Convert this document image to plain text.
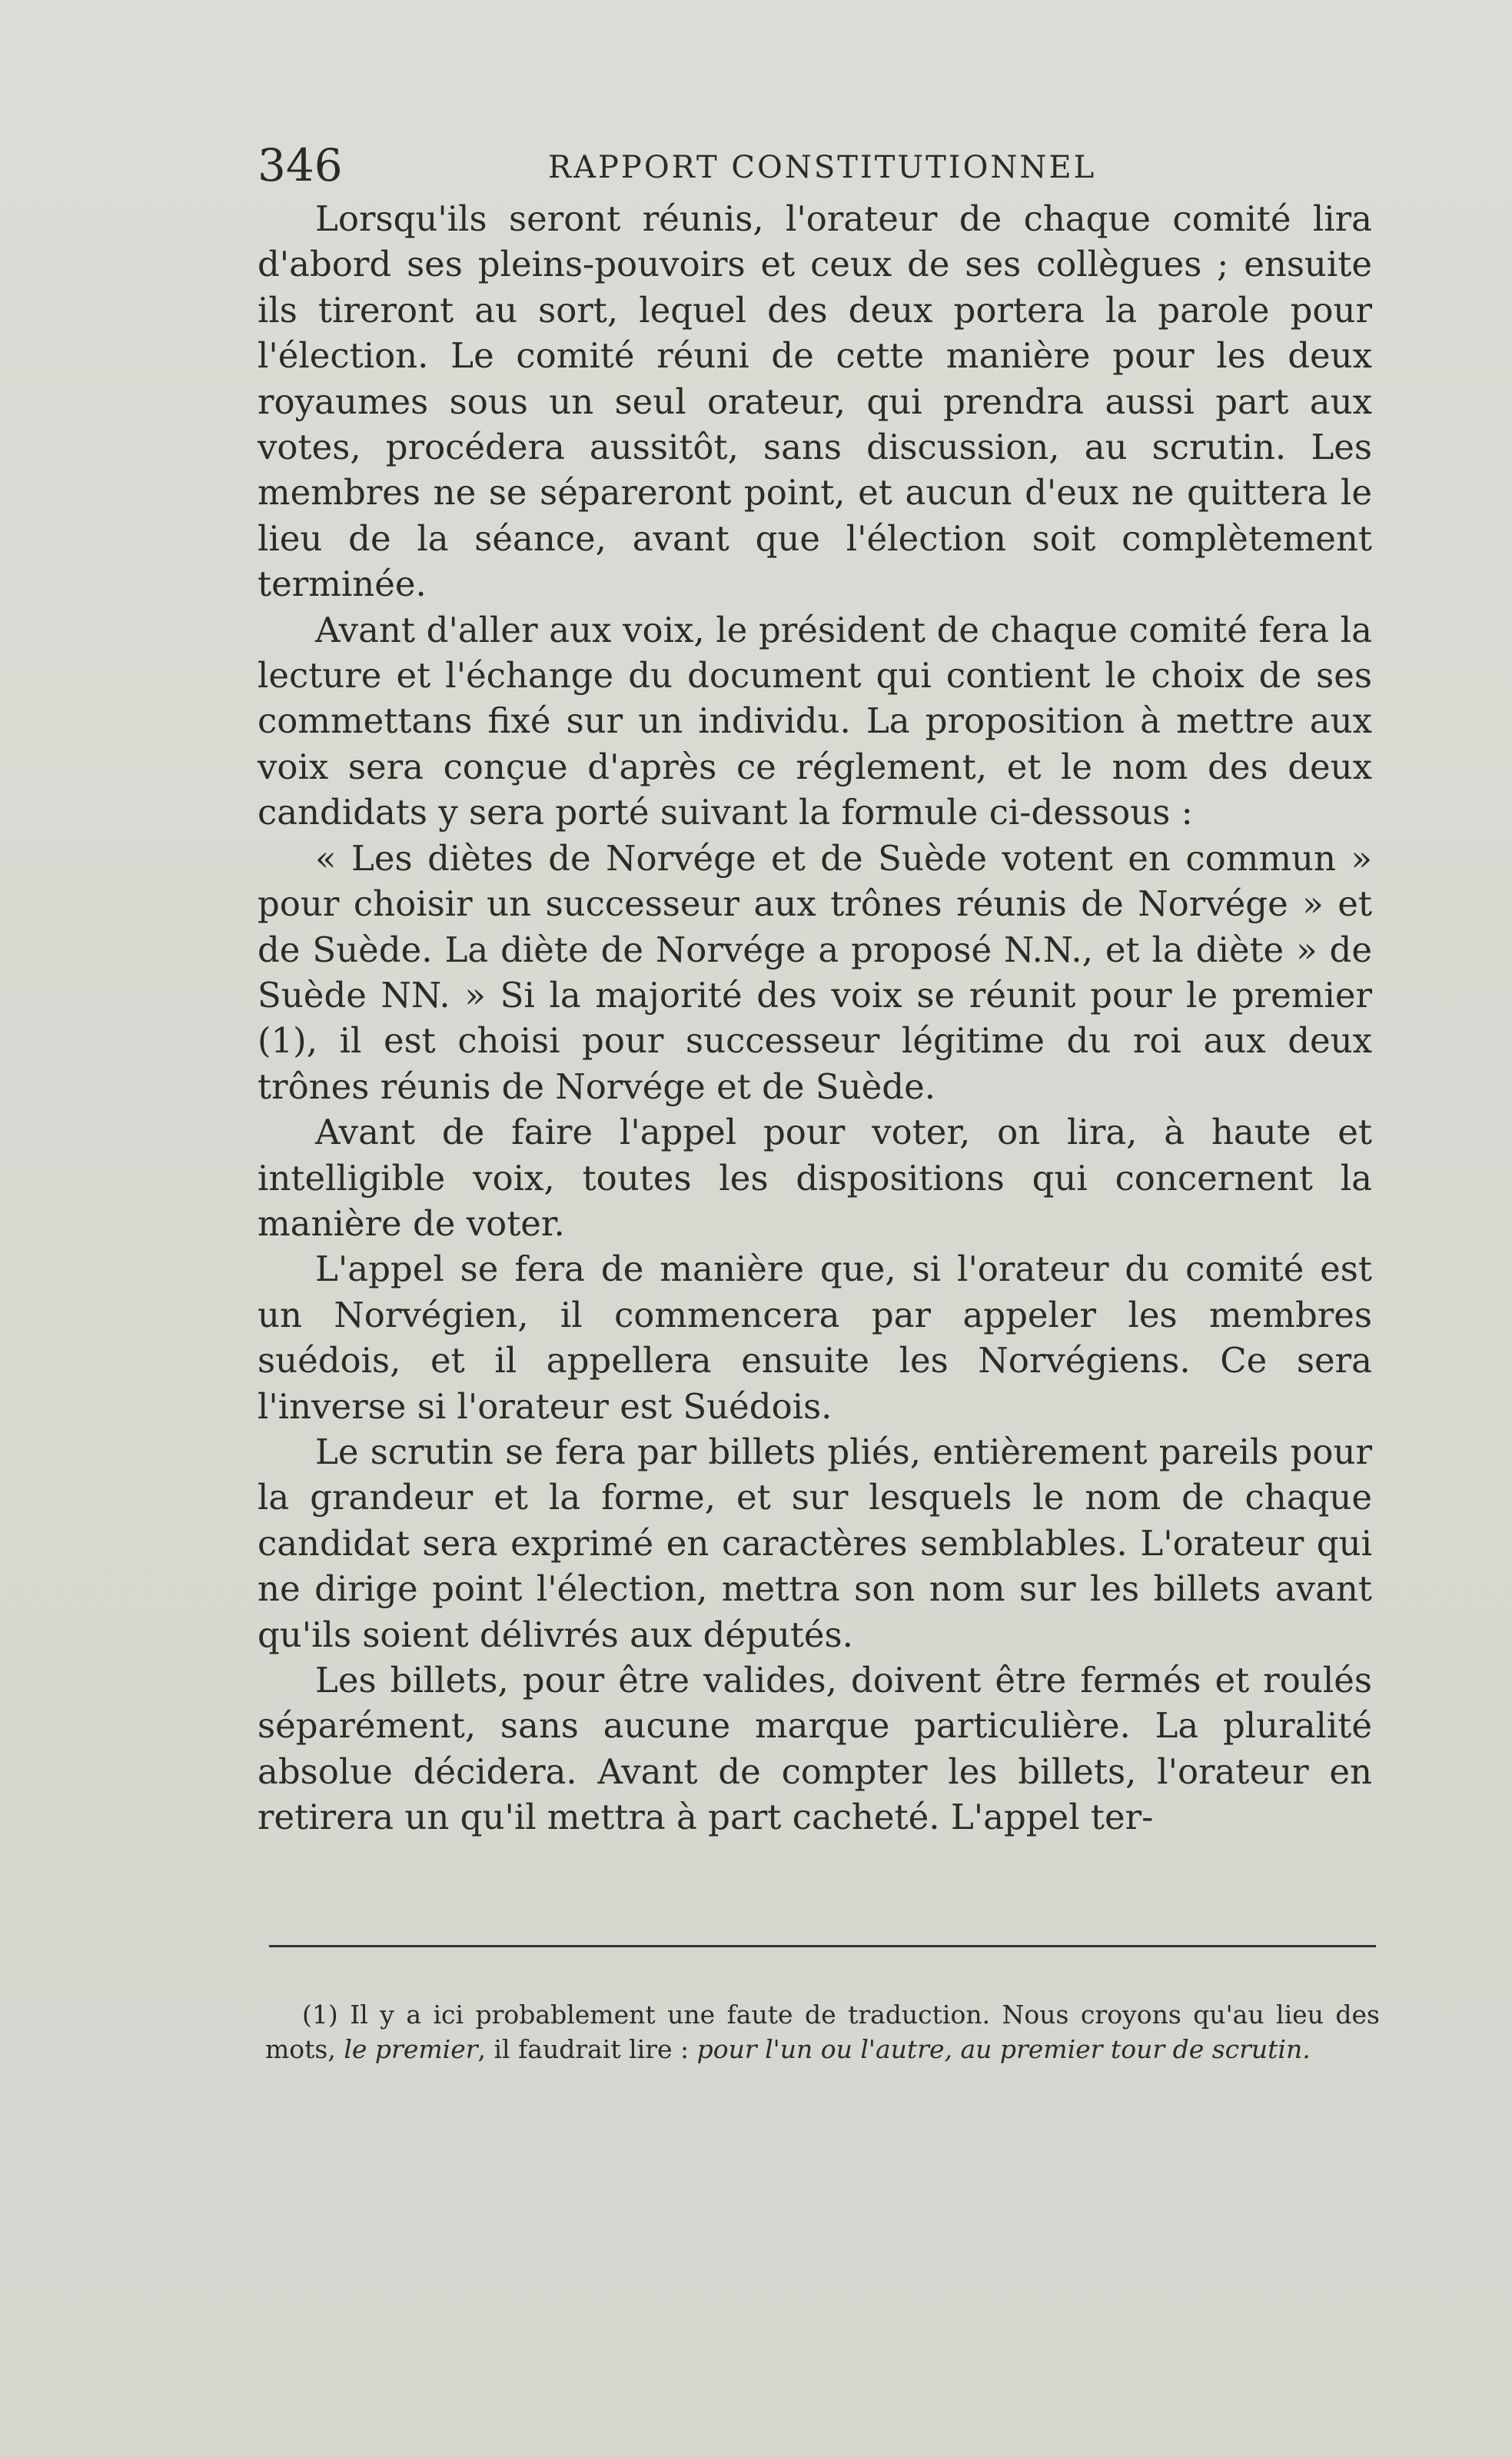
346	RAPPORT CONSTITUTIONNEL

Lorsqu'ils seront réunis, l'orateur de chaque comité lira d'abord ses pleins-pouvoirs et ceux de ses collègues ; ensuite ils tireront au sort, lequel des deux portera la parole pour l'élection. Le comité réuni de cette manière pour les deux royaumes sous un seul orateur, qui prendra aussi part aux votes, procédera aussitôt, sans discussion, au scrutin. Les membres ne se sépareront point, et aucun d'eux ne quittera le lieu de la séance, avant que l'élection soit complètement terminée.

Avant d'aller aux voix, le président de chaque comité fera la lecture et l'échange du document qui contient le choix de ses commettans fixé sur un individu. La proposition à mettre aux voix sera conçue d'après ce réglement, et le nom des deux candidats y sera porté suivant la formule ci-dessous :

« Les diètes de Norvége et de Suède votent en commun » pour choisir un successeur aux trônes réunis de Norvége » et de Suède. La diète de Norvége a proposé N.N., et la diète » de Suède NN. » Si la majorité des voix se réunit pour le premier (1), il est choisi pour successeur légitime du roi aux deux trônes réunis de Norvége et de Suède.

Avant de faire l'appel pour voter, on lira, à haute et intelligible voix, toutes les dispositions qui concernent la manière de voter.

L'appel se fera de manière que, si l'orateur du comité est un Norvégien, il commencera par appeler les membres suédois, et il appellera ensuite les Norvégiens. Ce sera l'inverse si l'orateur est Suédois.

Le scrutin se fera par billets pliés, entièrement pareils pour la grandeur et la forme, et sur lesquels le nom de chaque candidat sera exprimé en caractères semblables. L'orateur qui ne dirige point l'élection, mettra son nom sur les billets avant qu'ils soient délivrés aux députés.

Les billets, pour être valides, doivent être fermés et roulés séparément, sans aucune marque particulière. La pluralité absolue décidera. Avant de compter les billets, l'orateur en retirera un qu'il mettra à part cacheté. L'appel ter-

(1) Il y a ici probablement une faute de traduction. Nous croyons qu'au lieu des mots, le premier, il faudrait lire : pour l'un ou l'autre, au premier tour de scrutin.
